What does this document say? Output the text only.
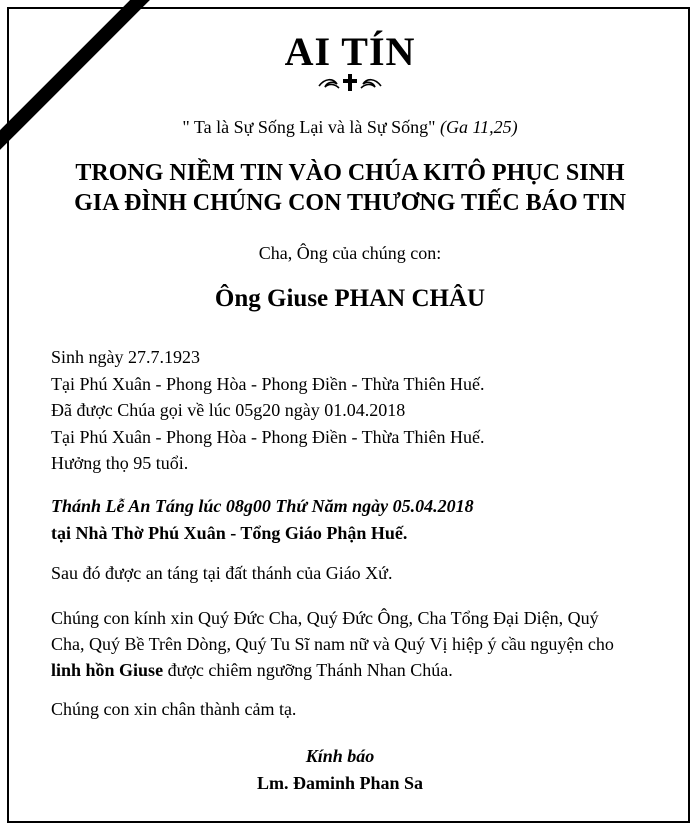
AI TÍN
" Ta là Sự Sống Lại và là Sự Sống" (Ga 11,25)
TRONG NIỀM TIN VÀO CHÚA KITÔ PHỤC SINH
GIA ĐÌNH CHÚNG CON THƯƠNG TIẾC BÁO TIN
Cha, Ông của chúng con:
Ông Giuse PHAN CHÂU
Sinh ngày 27.7.1923
Tại Phú Xuân - Phong Hòa - Phong Điền - Thừa Thiên Huế.
Đã được Chúa gọi về lúc 05g20 ngày 01.04.2018
Tại Phú Xuân - Phong Hòa - Phong Điền - Thừa Thiên Huế.
Hưởng thọ 95 tuổi.
Thánh Lễ An Táng lúc 08g00 Thứ Năm ngày 05.04.2018
tại Nhà Thờ Phú Xuân - Tổng Giáo Phận Huế.
Sau đó được an táng tại đất thánh của Giáo Xứ.
Chúng con kính xin Quý Đức Cha, Quý Đức Ông, Cha Tổng Đại Diện, Quý
Cha, Quý Bề Trên Dòng, Quý Tu Sĩ nam nữ và Quý Vị hiệp ý cầu nguyện cho
linh hồn Giuse được chiêm ngưỡng Thánh Nhan Chúa.
Chúng con xin chân thành cảm tạ.
Kính báo
Lm. Đaminh Phan Sa
